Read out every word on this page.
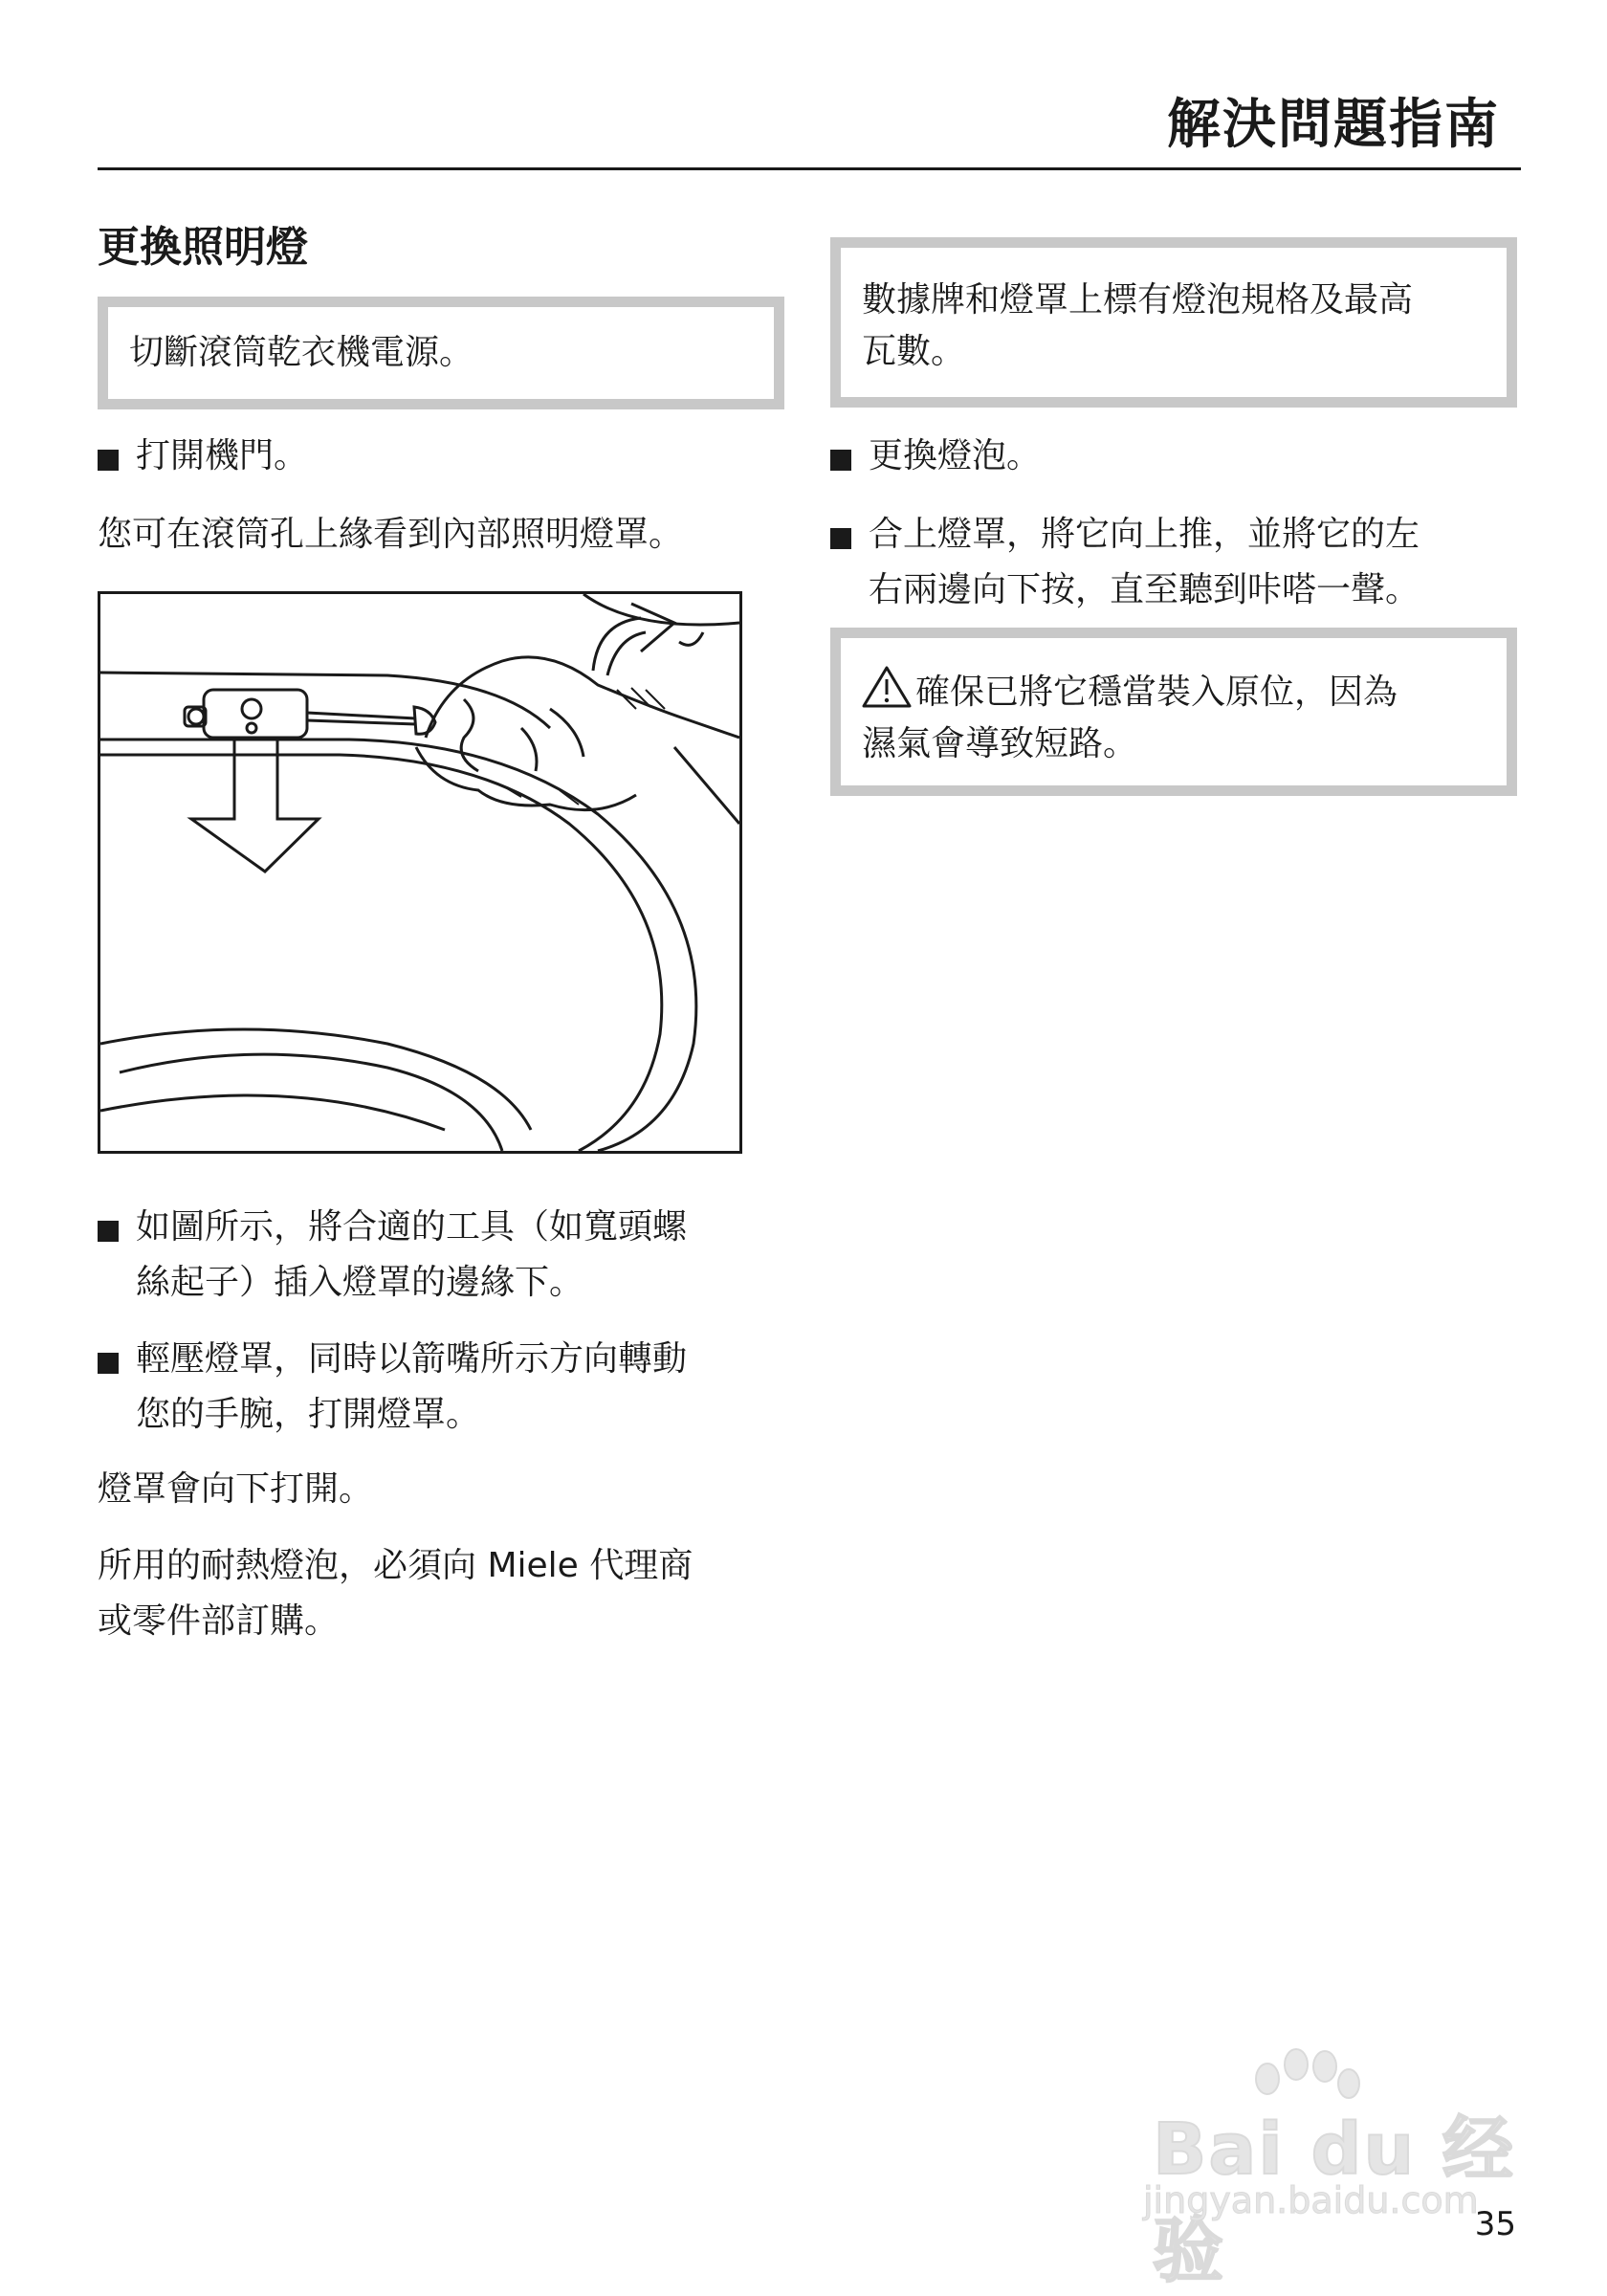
解決問題指南
更換照明燈
切斷滾筒乾衣機電源。
打開機門。
您可在滾筒孔上緣看到內部照明燈罩。
如圖所示，將合適的工具（如寬頭螺
絲起子）插入燈罩的邊緣下。
輕壓燈罩，同時以箭嘴所示方向轉動
您的手腕，打開燈罩。
燈罩會向下打開。
所用的耐熱燈泡，必須向 Miele 代理商
或零件部訂購。
數據牌和燈罩上標有燈泡規格及最高
瓦數。
更換燈泡。
合上燈罩，將它向上推，並將它的左
右兩邊向下按，直至聽到咔嗒一聲。
確保已將它穩當裝入原位，因為
濕氣會導致短路。
Bai du 经验
jingyan.baidu.com
35
